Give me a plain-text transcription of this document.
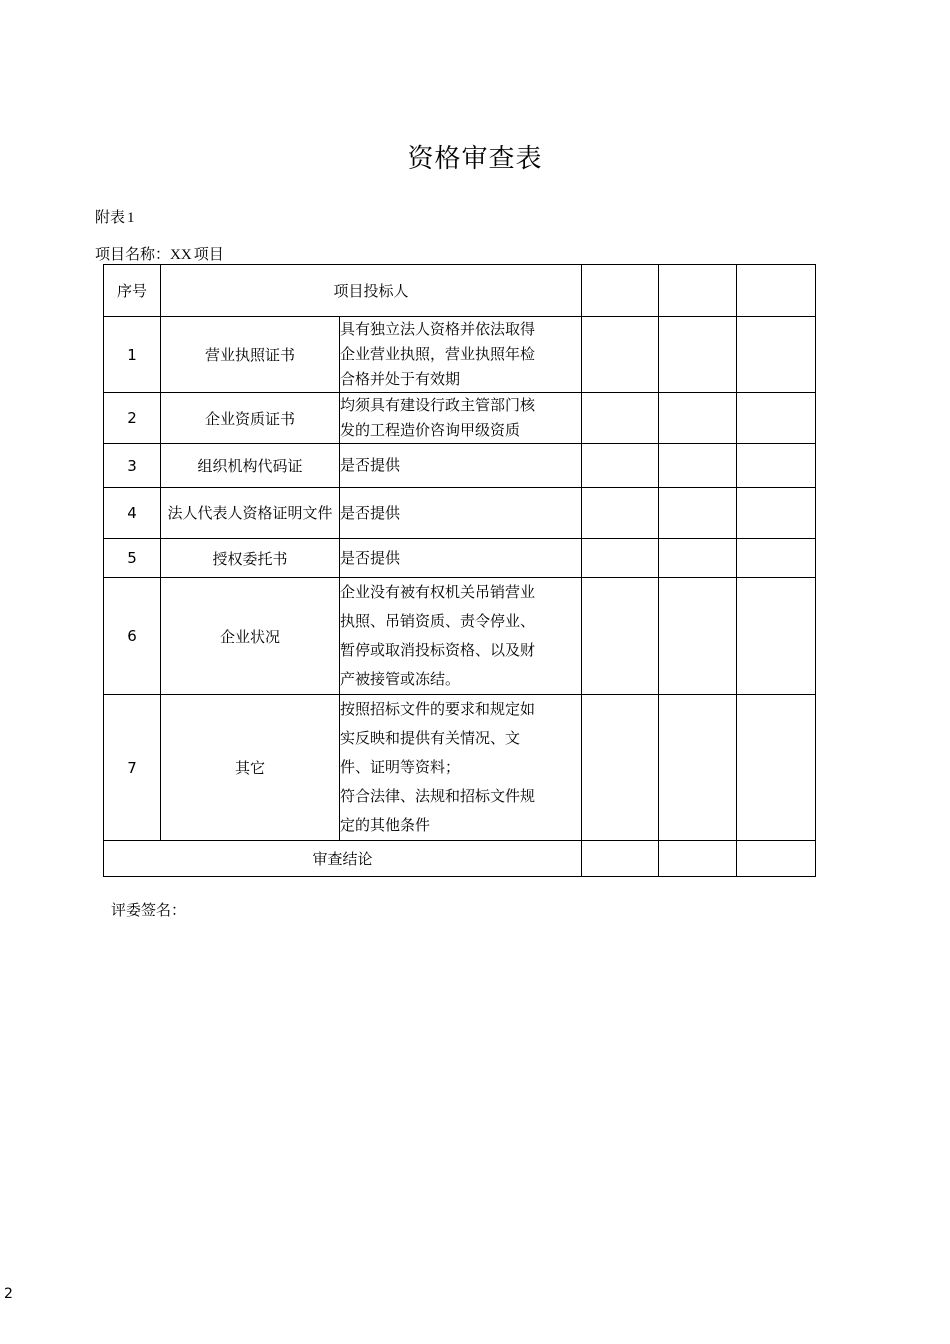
资格审查表
附表 1
项目名称：XX 项目
序号	项目投标人				
1	营业执照证书	具有独立法人资格并依法取得
企业营业执照，营业执照年检
合格并处于有效期			

2	企业资质证书	均须具有建设行政主管部门核
发的工程造价咨询甲级资质			

3	组织机构代码证	是否提供			

4	法人代表人资格证明文件	是否提供			

5	授权委托书	是否提供			

6	企业状况	企业没有被有权机关吊销营业
执照、吊销资质、责令停业、
暂停或取消投标资格、以及财
产被接管或冻结。			

7	其它	按照招标文件的要求和规定如
实反映和提供有关情况、文
件、证明等资料；
符合法律、法规和招标文件规
定的其他条件			

审查结论					
评委签名：
2
